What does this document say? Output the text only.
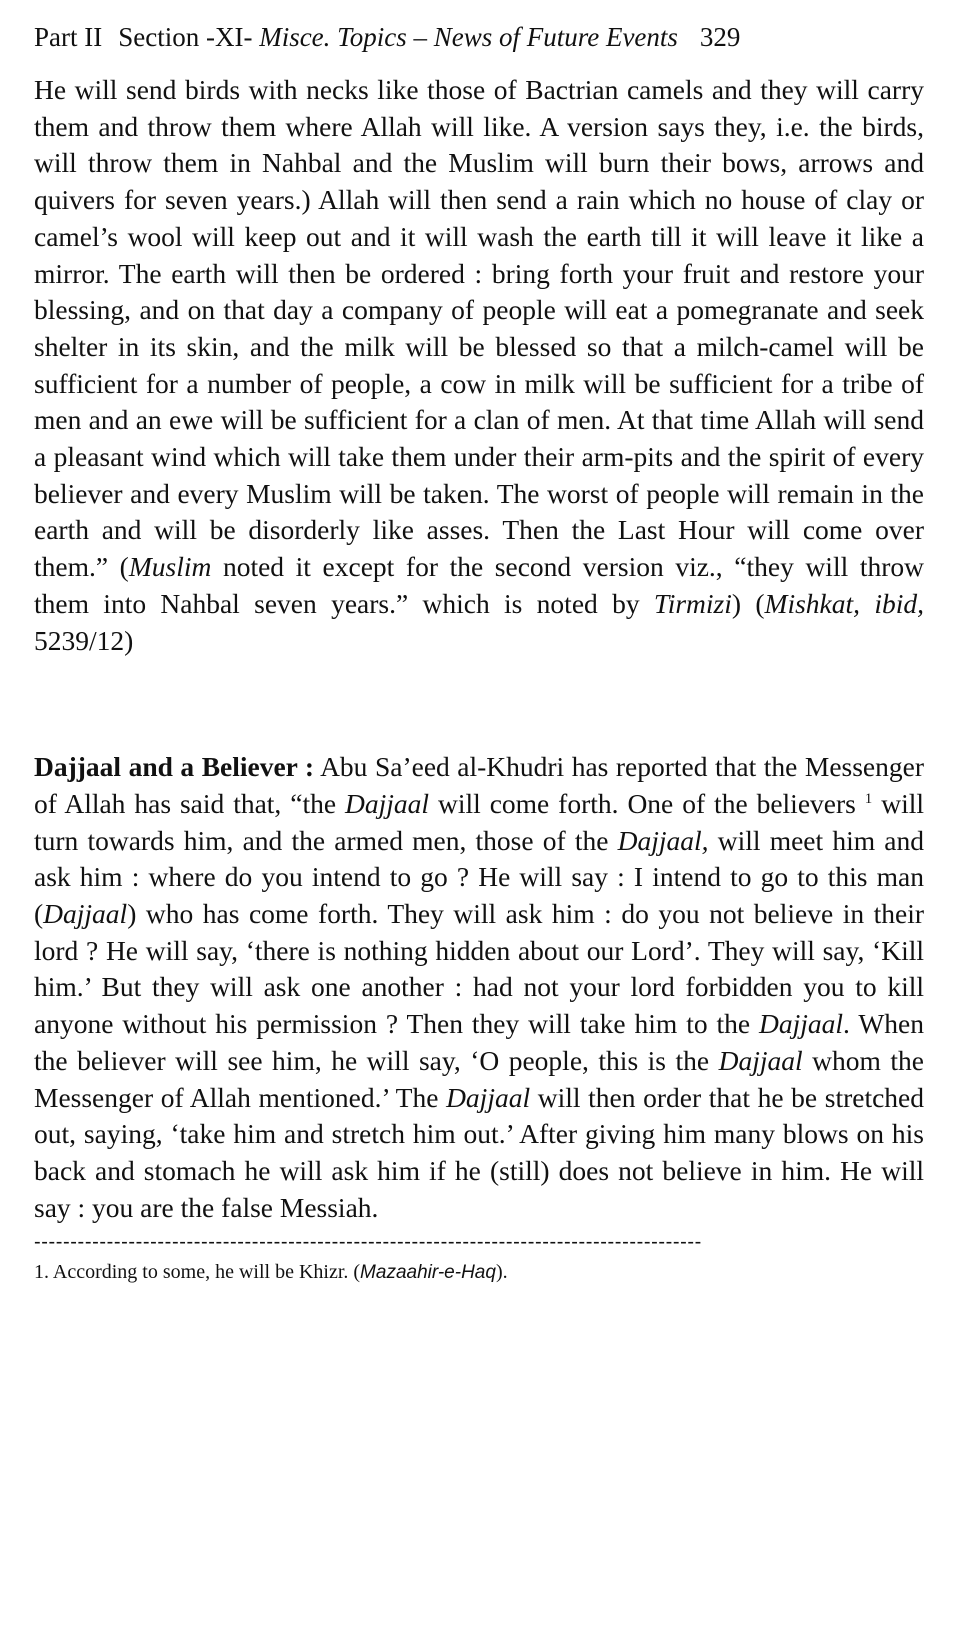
Part II Section -XI- Misce. Topics – News of Future Events 329

He will send birds with necks like those of Bactrian camels and they will carry them and throw them where Allah will like. A version says they, i.e. the birds, will throw them in Nahbal and the Muslim will burn their bows, arrows and quivers for seven years.) Allah will then send a rain which no house of clay or camel’s wool will keep out and it will wash the earth till it will leave it like a mirror. The earth will then be ordered : bring forth your fruit and restore your blessing, and on that day a company of people will eat a pomegranate and seek shelter in its skin, and the milk will be blessed so that a milch-camel will be sufficient for a number of people, a cow in milk will be sufficient for a tribe of men and an ewe will be sufficient for a clan of men. At that time Allah will send a pleasant wind which will take them under their arm-pits and the spirit of every believer and every Muslim will be taken. The worst of people will remain in the earth and will be disorderly like asses. Then the Last Hour will come over them.” (Muslim noted it except for the second version viz., “they will throw them into Nahbal seven years.” which is noted by Tirmizi) (Mishkat, ibid, 5239/12)

Dajjaal and a Believer : Abu Sa’eed al-Khudri has reported that the Messenger of Allah has said that, “the Dajjaal will come forth. One of the believers $^1$ will turn towards him, and the armed men, those of the Dajjaal, will meet him and ask him : where do you intend to go ? He will say : I intend to go to this man (Dajjaal) who has come forth. They will ask him : do you not believe in their lord ? He will say, ‘there is nothing hidden about our Lord’. They will say, ‘Kill him.’ But they will ask one another : had not your lord forbidden you to kill anyone without his permission ? Then they will take him to the Dajjaal. When the believer will see him, he will say, ‘O people, this is the Dajjaal whom the Messenger of Allah mentioned.’ The Dajjaal will then order that he be stretched out, saying, ‘take him and stretch him out.’ After giving him many blows on his back and stomach he will ask him if he (still) does not believe in him. He will say : you are the false Messiah.

--------------------------------------------------------------------------------------------
1. According to some, he will be Khizr. (Mazaahir-e-Haq).
